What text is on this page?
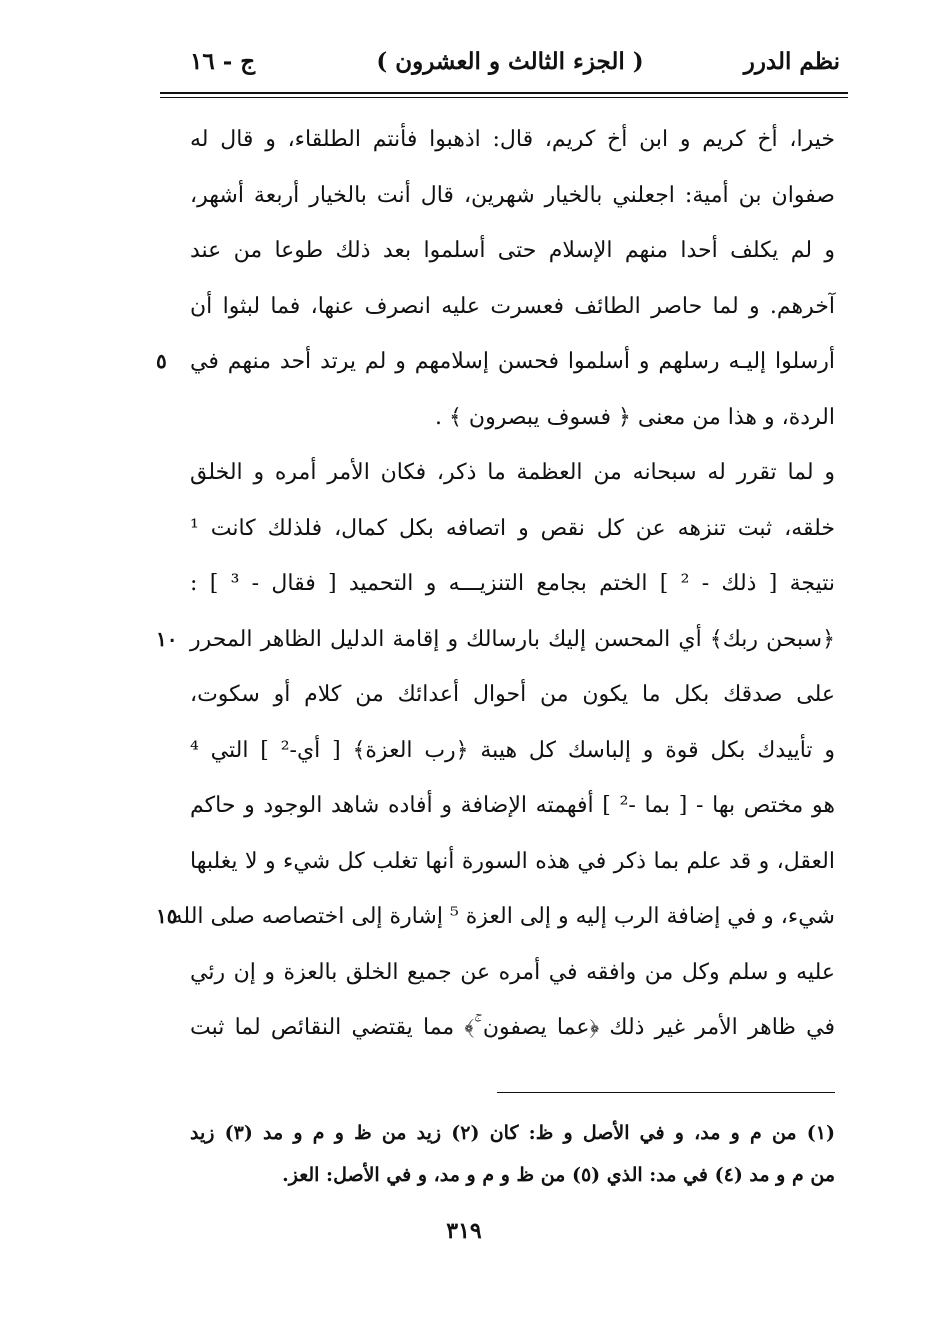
نظم الدرر
( الجزء الثالث و العشرون )
ج - ١٦
خيرا، أخ كريم و ابن أخ كريم، قال: اذهبوا فأنتم الطلقاء، و قال له
صفوان بن أمية: اجعلني بالخيار شهرين، قال أنت بالخيار أربعة أشهر،
و لم يكلف أحدا منهم الإسلام حتى أسلموا بعد ذلك طوعا من عند
آخرهم. و لما حاصر الطائف فعسرت عليه انصرف عنها، فما لبثوا أن
أرسلوا إليـه رسلهم و أسلموا فحسن إسلامهم و لم يرتد أحد منهم في
٥
الردة، و هذا من معنى ﴿ فسوف يبصرون ﴾ .
و لما تقرر له سبحانه من العظمة ما ذكر، فكان الأمر أمره و الخلق
خلقه، ثبت تنزهه عن كل نقص و اتصافه بكل كمال، فلذلك كانت ¹
نتيجة [ ذلك - ² ] الختم بجامع التنزيـــه و التحميد [ فقال - ³ ] :
﴿سبحن ربك﴾ أي المحسن إليك بارسالك و إقامة الدليل الظاهر المحرر
١٠
على صدقك بكل ما يكون من أحوال أعدائك من كلام أو سكوت،
و تأييدك بكل قوة و إلباسك كل هيبة ﴿رب العزة﴾ [ أي-² ] التي ⁴
هو مختص بها - [ بما -² ] أفهمته الإضافة و أفاده شاهد الوجود و حاكم
العقل، و قد علم بما ذكر في هذه السورة أنها تغلب كل شيء و لا يغلبها
شيء، و في إضافة الرب إليه و إلى العزة ⁵ إشارة إلى اختصاصه صلى الله
١٥
عليه و سلم وكل من وافقه في أمره عن جميع الخلق بالعزة و إن رئي
في ظاهر الأمر غير ذلك ﴿عما يصفون ۚ﴾ مما يقتضي النقائص لما ثبت
(١) من م و مد، و في الأصل و ظ: كان (٢) زيد من ظ و م و مد (٣) زيد
من م و مد (٤) في مد: الذي (٥) من ظ و م و مد، و في الأصل: العز.
٣١٩
